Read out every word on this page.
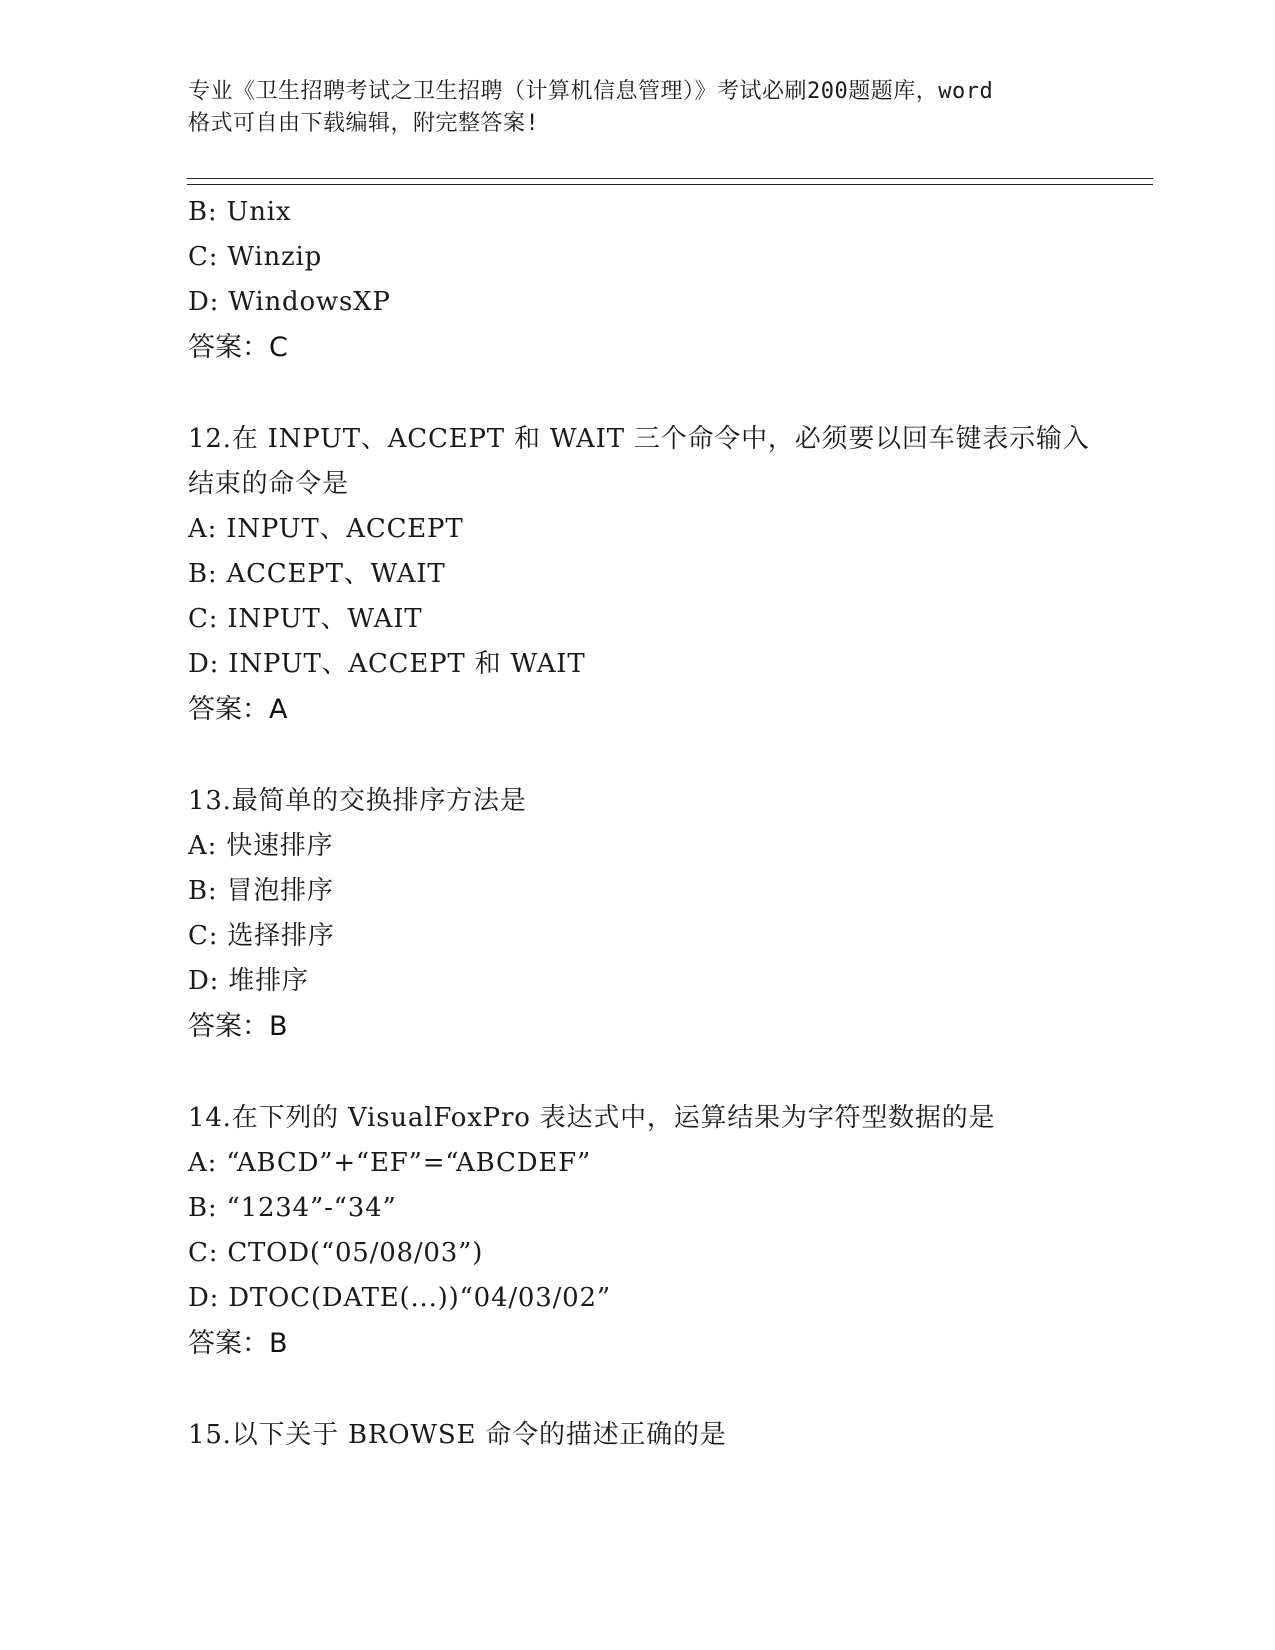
专业《卫生招聘考试之卫生招聘（计算机信息管理）》考试必刷200题题库，word
格式可自由下载编辑，附完整答案!
B: Unix
C: Winzip
D: WindowsXP
答案：C
12.在 INPUT、ACCEPT 和 WAIT 三个命令中，必须要以回车键表示输入
结束的命令是
A: INPUT、ACCEPT
B: ACCEPT、WAIT
C: INPUT、WAIT
D: INPUT、ACCEPT 和 WAIT
答案：A
13.最简单的交换排序方法是
A: 快速排序
B: 冒泡排序
C: 选择排序
D: 堆排序
答案：B
14.在下列的 VisualFoxPro 表达式中，运算结果为字符型数据的是
A: “ABCD”+“EF”=“ABCDEF”
B: “1234”-“34”
C: CTOD(“05/08/03”)
D: DTOC(DATE(...))“04/03/02”
答案：B
15.以下关于 BROWSE 命令的描述正确的是
